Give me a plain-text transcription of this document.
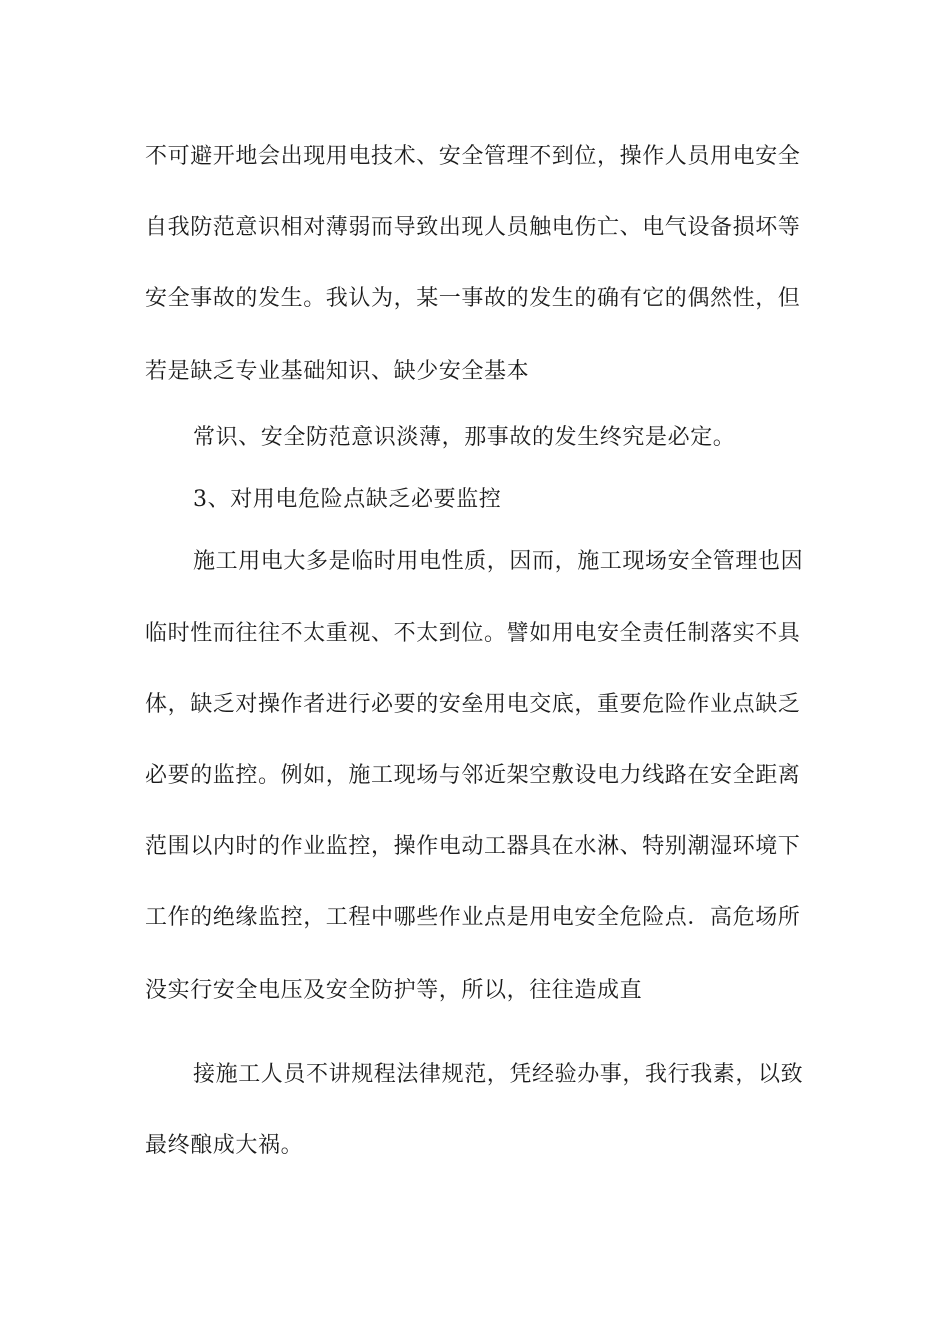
不可避开地会出现用电技术、安全管理不到位，操作人员用电安全
自我防范意识相对薄弱而导致出现人员触电伤亡、电气设备损坏等
安全事故的发生。我认为，某一事故的发生的确有它的偶然性，但
若是缺乏专业基础知识、缺少安全基本
常识、安全防范意识淡薄，那事故的发生终究是必定。
3、对用电危险点缺乏必要监控
施工用电大多是临时用电性质，因而，施工现场安全管理也因
临时性而往往不太重视、不太到位。譬如用电安全责任制落实不具
体，缺乏对操作者进行必要的安垒用电交底，重要危险作业点缺乏
必要的监控。例如，施工现场与邻近架空敷设电力线路在安全距离
范围以内时的作业监控，操作电动工器具在水淋、特别潮湿环境下
工作的绝缘监控，工程中哪些作业点是用电安全危险点．高危场所
没实行安全电压及安全防护等，所以，往往造成直
接施工人员不讲规程法律规范，凭经验办事，我行我素，以致
最终酿成大祸。
